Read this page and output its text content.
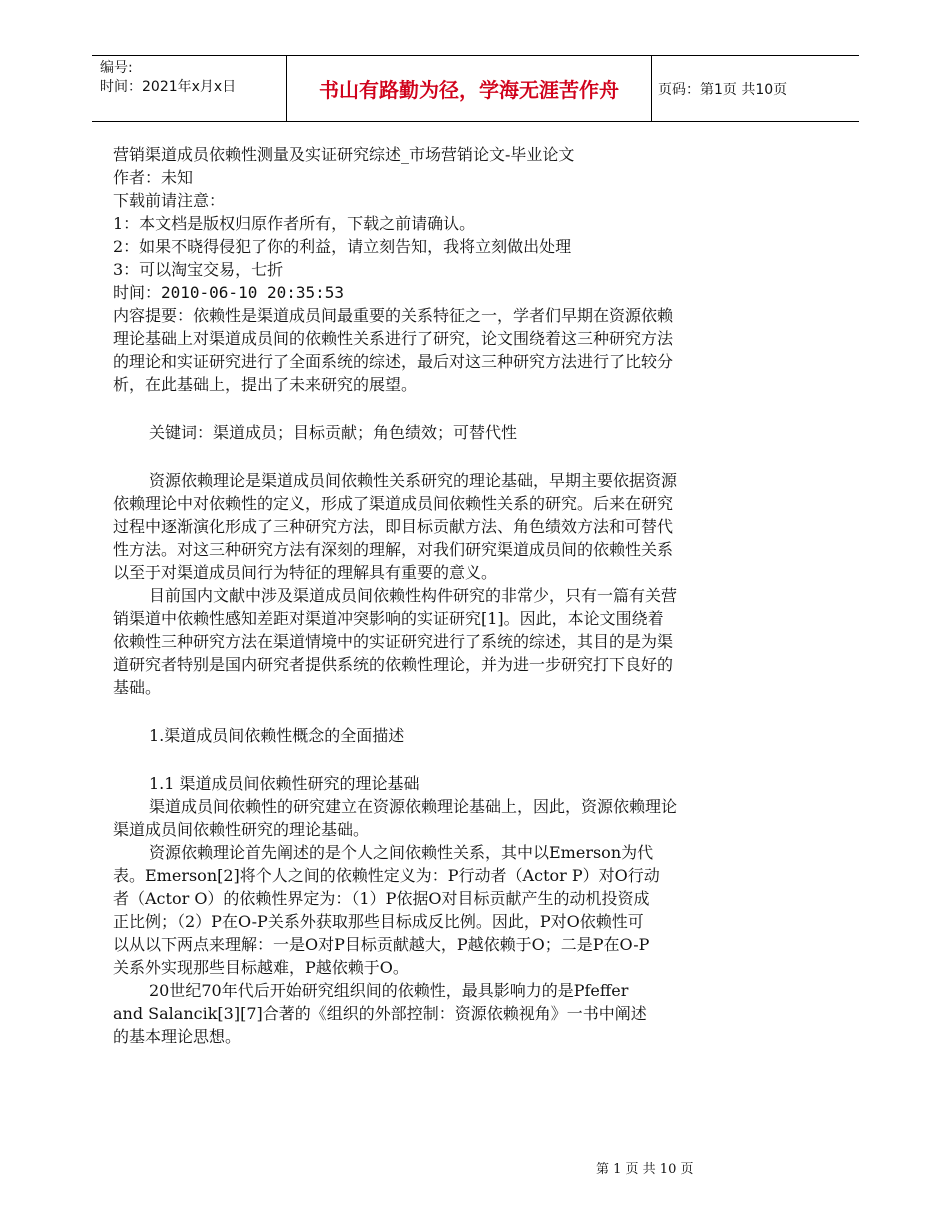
编号:
时间：2021年x月x日	书山有路勤为径，学海无涯苦作舟	页码：第1页 共10页
营销渠道成员依赖性测量及实证研究综述_市场营销论文-毕业论文
作者：未知
下载前请注意：
1：本文档是版权归原作者所有，下载之前请确认。
2：如果不晓得侵犯了你的利益，请立刻告知，我将立刻做出处理
3：可以淘宝交易，七折
时间：2010-06-10 20:35:53
内容提要：依赖性是渠道成员间最重要的关系特征之一，学者们早期在资源依赖
理论基础上对渠道成员间的依赖性关系进行了研究，论文围绕着这三种研究方法
的理论和实证研究进行了全面系统的综述，最后对这三种研究方法进行了比较分
析，在此基础上，提出了未来研究的展望。
关键词：渠道成员；目标贡献；角色绩效；可替代性
资源依赖理论是渠道成员间依赖性关系研究的理论基础，早期主要依据资源
依赖理论中对依赖性的定义，形成了渠道成员间依赖性关系的研究。后来在研究
过程中逐渐演化形成了三种研究方法，即目标贡献方法、角色绩效方法和可替代
性方法。对这三种研究方法有深刻的理解，对我们研究渠道成员间的依赖性关系
以至于对渠道成员间行为特征的理解具有重要的意义。
目前国内文献中涉及渠道成员间依赖性构件研究的非常少，只有一篇有关营
销渠道中依赖性感知差距对渠道冲突影响的实证研究[1]。因此，本论文围绕着
依赖性三种研究方法在渠道情境中的实证研究进行了系统的综述，其目的是为渠
道研究者特别是国内研究者提供系统的依赖性理论，并为进一步研究打下良好的
基础。
1.渠道成员间依赖性概念的全面描述
1.1 渠道成员间依赖性研究的理论基础
渠道成员间依赖性的研究建立在资源依赖理论基础上，因此，资源依赖理论
渠道成员间依赖性研究的理论基础。
资源依赖理论首先阐述的是个人之间依赖性关系，其中以Emerson为代
表。Emerson[2]将个人之间的依赖性定义为：P行动者（Actor P）对O行动
者（Actor O）的依赖性界定为：（1）P依据O对目标贡献产生的动机投资成
正比例；（2）P在O-P关系外获取那些目标成反比例。因此，P对O依赖性可
以从以下两点来理解：一是O对P目标贡献越大，P越依赖于O；二是P在O-P
关系外实现那些目标越难，P越依赖于O。
20世纪70年代后开始研究组织间的依赖性，最具影响力的是Pfeffer
and Salancik[3][7]合著的《组织的外部控制：资源依赖视角》一书中阐述
的基本理论思想。
第 1 页 共 10 页
